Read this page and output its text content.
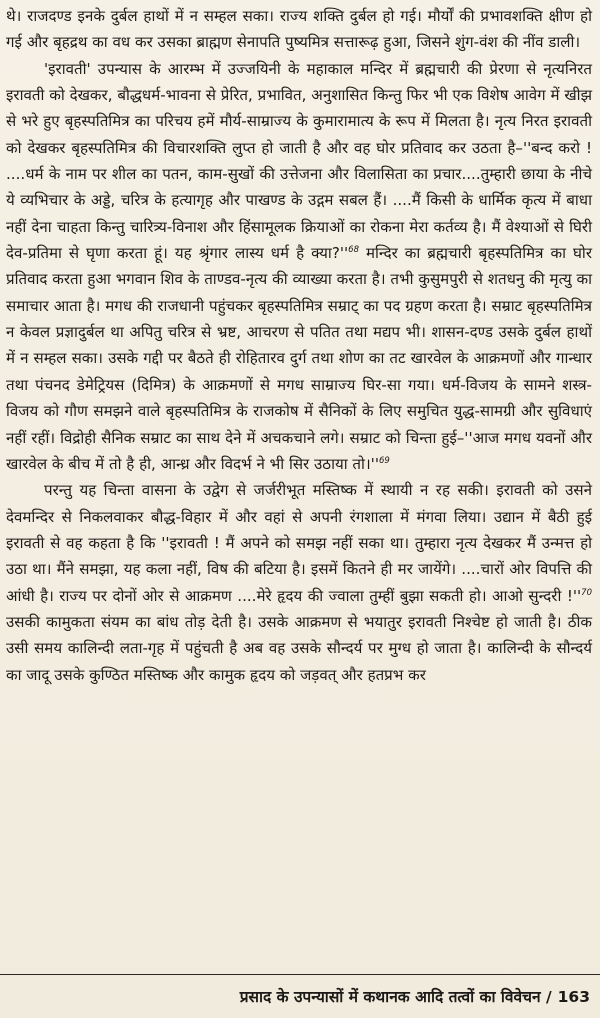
थे। राजदण्ड इनके दुर्बल हाथों में न सम्हल सका। राज्य शक्ति दुर्बल हो गई। मौर्यों की प्रभावशक्ति क्षीण हो गई और बृहद्रथ का वध कर उसका ब्राह्मण सेनापति पुष्यमित्र सत्तारूढ़ हुआ, जिसने शुंग-वंश की नींव डाली।

'इरावती' उपन्यास के आरम्भ में उज्जयिनी के महाकाल मन्दिर में ब्रह्मचारी की प्रेरणा से नृत्यनिरत इरावती को देखकर, बौद्धधर्म-भावना से प्रेरित, प्रभावित, अनुशासित किन्तु फिर भी एक विशेष आवेग में खीझ से भरे हुए बृहस्पतिमित्र का परिचय हमें मौर्य-साम्राज्य के कुमारामात्य के रूप में मिलता है। नृत्य निरत इरावती को देखकर बृहस्पतिमित्र की विचारशक्ति लुप्त हो जाती है और वह घोर प्रतिवाद कर उठता है–''बन्द करो ! ....धर्म के नाम पर शील का पतन, काम-सुखों की उत्तेजना और विलासिता का प्रचार....तुम्हारी छाया के नीचे ये व्यभिचार के अड्डे, चरित्र के हत्यागृह और पाखण्ड के उद्गम सबल हैं। ....मैं किसी के धार्मिक कृत्य में बाधा नहीं देना चाहता किन्तु चारित्र्य-विनाश और हिंसामूलक क्रियाओं का रोकना मेरा कर्तव्य है। मैं वेश्याओं से घिरी देव-प्रतिमा से घृणा करता हूं। यह श्रृंगार लास्य धर्म है क्या?''$^{68}$ मन्दिर का ब्रह्मचारी बृहस्पतिमित्र का घोर प्रतिवाद करता हुआ भगवान शिव के ताण्डव-नृत्य की व्याख्या करता है। तभी कुसुमपुरी से शतधनु की मृत्यु का समाचार आता है। मगध की राजधानी पहुंचकर बृहस्पतिमित्र सम्राट् का पद ग्रहण करता है। सम्राट बृहस्पतिमित्र न केवल प्रज्ञादुर्बल था अपितु चरित्र से भ्रष्ट, आचरण से पतित तथा मद्यप भी। शासन-दण्ड उसके दुर्बल हाथों में न सम्हल सका। उसके गद्दी पर बैठते ही रोहितारव दुर्ग तथा शोण का तट खारवेल के आक्रमणों और गान्धार तथा पंचनद डेमेट्रियस (दिमित्र) के आक्रमणों से मगध साम्राज्य घिर-सा गया। धर्म-विजय के सामने शस्त्र-विजय को गौण समझने वाले बृहस्पतिमित्र के राजकोष में सैनिकों के लिए समुचित युद्ध-सामग्री और सुविधाएं नहीं रहीं। विद्रोही सैनिक सम्राट का साथ देने में अचकचाने लगे। सम्राट को चिन्ता हुई–''आज मगध यवनों और खारवेल के बीच में तो है ही, आन्ध्र और विदर्भ ने भी सिर उठाया तो।''$^{69}$

परन्तु यह चिन्ता वासना के उद्वेग से जर्जरीभूत मस्तिष्क में स्थायी न रह सकी। इरावती को उसने देवमन्दिर से निकलवाकर बौद्ध-विहार में और वहां से अपनी रंगशाला में मंगवा लिया। उद्यान में बैठी हुई इरावती से वह कहता है कि ''इरावती ! मैं अपने को समझ नहीं सका था। तुम्हारा नृत्य देखकर मैं उन्मत्त हो उठा था। मैंने समझा, यह कला नहीं, विष की बटिया है। इसमें कितने ही मर जायेंगे। ....चारों ओर विपत्ति की आंधी है। राज्य पर दोनों ओर से आक्रमण ....मेरे हृदय की ज्वाला तुम्हीं बुझा सकती हो। आओ सुन्दरी !''$^{70}$ उसकी कामुकता संयम का बांध तोड़ देती है। उसके आक्रमण से भयातुर इरावती निश्चेष्ट हो जाती है। ठीक उसी समय कालिन्दी लता-गृह में पहुंचती है अब वह उसके सौन्दर्य पर मुग्ध हो जाता है। कालिन्दी के सौन्दर्य का जादू उसके कुण्ठित मस्तिष्क और कामुक हृदय को जड़वत् और हतप्रभ कर

प्रसाद के उपन्यासों में कथानक आदि तत्वों का विवेचन / 163
